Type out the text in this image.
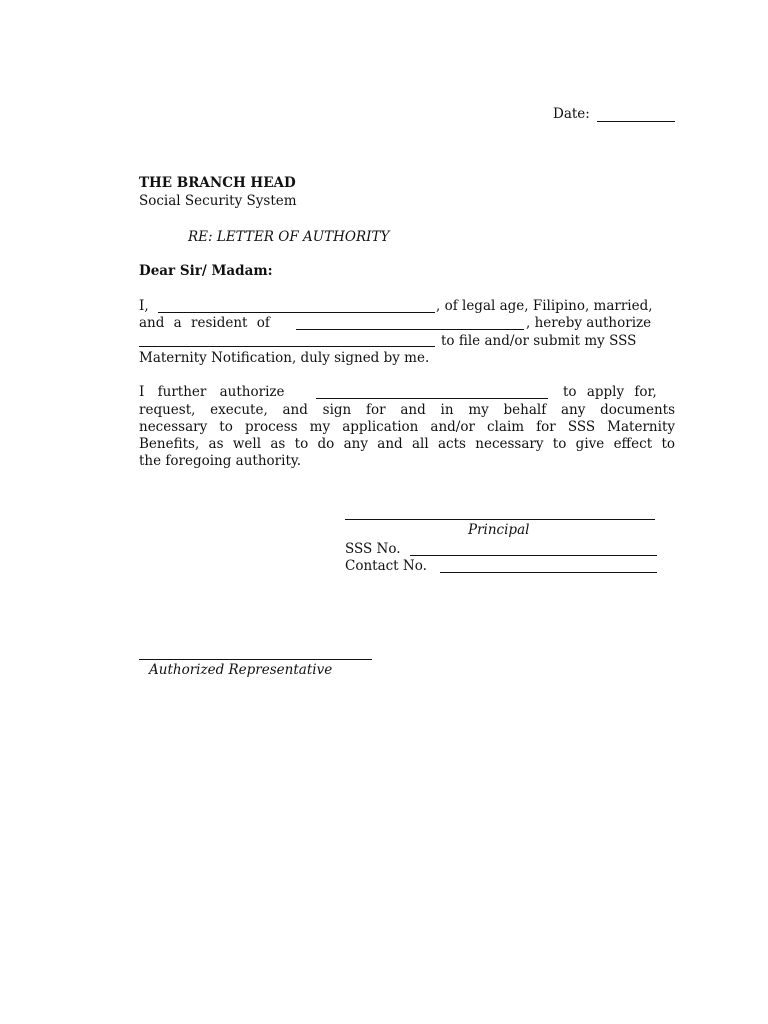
Date:
THE BRANCH HEAD
Social Security System
RE: LETTER OF AUTHORITY
Dear Sir/ Madam:
I,	, of legal age, Filipino, married,
and a resident of	, hereby authorize
to file and/or submit my SSS
Maternity Notification, duly signed by me.
I further authorize	to apply for,
request, execute, and sign for and in my behalf any documents
necessary to process my application and/or claim for SSS Maternity
Benefits, as well as to do any and all acts necessary to give effect to
the foregoing authority.
Principal
SSS No.
Contact No.
Authorized Representative
